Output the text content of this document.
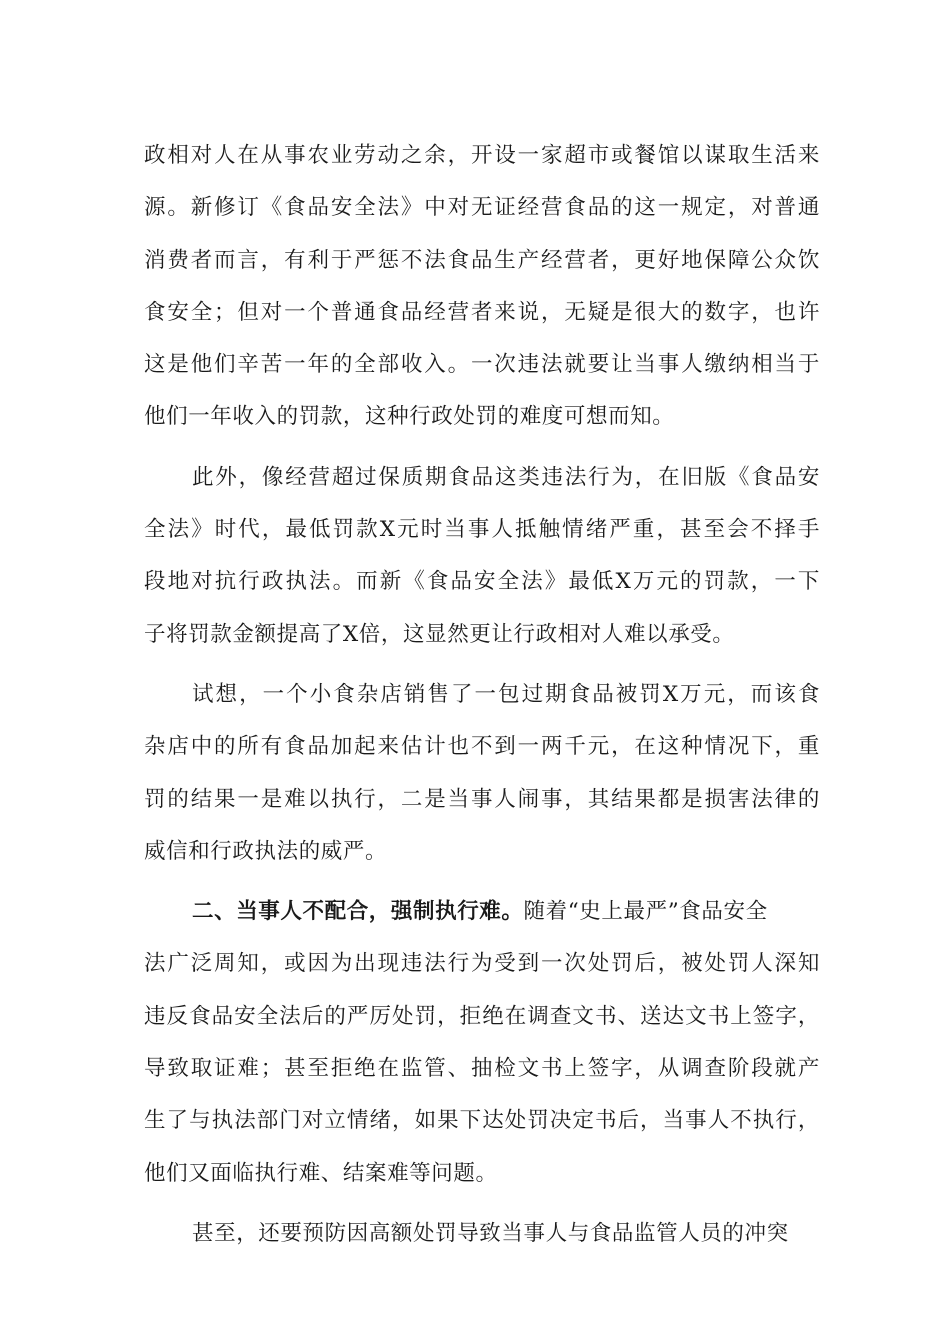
政相对人在从事农业劳动之余，开设一家超市或餐馆以谋取生活来
源。新修订《食品安全法》中对无证经营食品的这一规定，对普通
消费者而言，有利于严惩不法食品生产经营者，更好地保障公众饮
食安全；但对一个普通食品经营者来说，无疑是很大的数字，也许
这是他们辛苦一年的全部收入。一次违法就要让当事人缴纳相当于
他们一年收入的罚款，这种行政处罚的难度可想而知。
此外，像经营超过保质期食品这类违法行为，在旧版《食品安
全法》时代，最低罚款X元时当事人抵触情绪严重，甚至会不择手
段地对抗行政执法。而新《食品安全法》最低X万元的罚款，一下
子将罚款金额提高了X倍，这显然更让行政相对人难以承受。
试想，一个小食杂店销售了一包过期食品被罚X万元，而该食
杂店中的所有食品加起来估计也不到一两千元，在这种情况下，重
罚的结果一是难以执行，二是当事人闹事，其结果都是损害法律的
威信和行政执法的威严。
二、当事人不配合，强制执行难。随着“史上最严”食品安全
法广泛周知，或因为出现违法行为受到一次处罚后，被处罚人深知
违反食品安全法后的严厉处罚，拒绝在调查文书、送达文书上签字，
导致取证难；甚至拒绝在监管、抽检文书上签字，从调查阶段就产
生了与执法部门对立情绪，如果下达处罚决定书后，当事人不执行，
他们又面临执行难、结案难等问题。
甚至，还要预防因高额处罚导致当事人与食品监管人员的冲突
